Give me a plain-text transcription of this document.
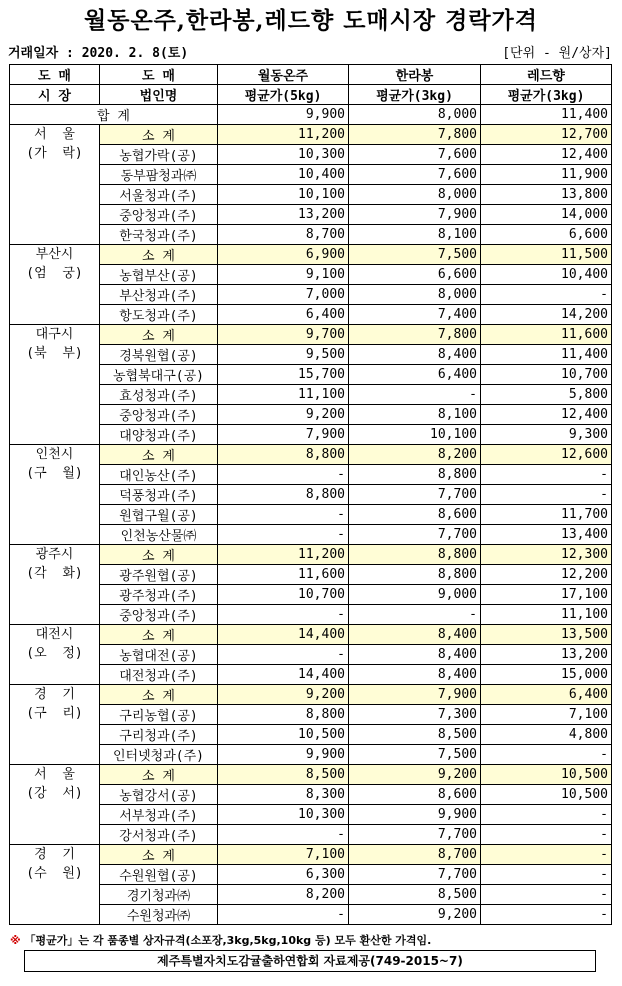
월동온주,한라봉,레드향 도매시장 경락가격
거래일자 : 2020. 2. 8(토)	[단위 - 원/상자]
도 매	도 매	월동온주	한라봉	레드향
시 장	법인명	평균가(5kg)	평균가(3kg)	평균가(3kg)
합 계		9,900	8,000	11,400
서  울
(가  락)	소 계	11,200	7,800	12,700
	농협가락(공)	10,300	7,600	12,400
	동부팜청과㈜	10,400	7,600	11,900
	서울청과(주)	10,100	8,000	13,800
	중앙청과(주)	13,200	7,900	14,000
	한국청과(주)	8,700	8,100	6,600
부산시
(엄  궁)	소 계	6,900	7,500	11,500
	농협부산(공)	9,100	6,600	10,400
	부산청과(주)	7,000	8,000	-
	항도청과(주)	6,400	7,400	14,200
대구시
(북  부)	소 계	9,700	7,800	11,600
	경북원협(공)	9,500	8,400	11,400
	농협북대구(공)	15,700	6,400	10,700
	효성청과(주)	11,100	-	5,800
	중앙청과(주)	9,200	8,100	12,400
	대양청과(주)	7,900	10,100	9,300
인천시
(구  월)	소 계	8,800	8,200	12,600
	대인농산(주)	-	8,800	-
	덕풍청과(주)	8,800	7,700	-
	원협구월(공)	-	8,600	11,700
	인천농산물㈜	-	7,700	13,400
광주시
(각  화)	소 계	11,200	8,800	12,300
	광주원협(공)	11,600	8,800	12,200
	광주청과(주)	10,700	9,000	17,100
	중앙청과(주)	-	-	11,100
대전시
(오  정)	소 계	14,400	8,400	13,500
	농협대전(공)	-	8,400	13,200
	대전청과(주)	14,400	8,400	15,000
경  기
(구  리)	소 계	9,200	7,900	6,400
	구리농협(공)	8,800	7,300	7,100
	구리청과(주)	10,500	8,500	4,800
	인터넷청과(주)	9,900	7,500	-
서  울
(강  서)	소 계	8,500	9,200	10,500
	농협강서(공)	8,300	8,600	10,500
	서부청과(주)	10,300	9,900	-
	강서청과(주)	-	7,700	-
경  기
(수  원)	소 계	7,100	8,700	-
	수원원협(공)	6,300	7,700	-
	경기청과㈜	8,200	8,500	-
	수원청과㈜	-	9,200	-
※ 「평균가」는 각 품종별 상자규격(소포장,3kg,5kg,10kg 등) 모두 환산한 가격임.
제주특별자치도감귤출하연합회 자료제공(749-2015~7)
